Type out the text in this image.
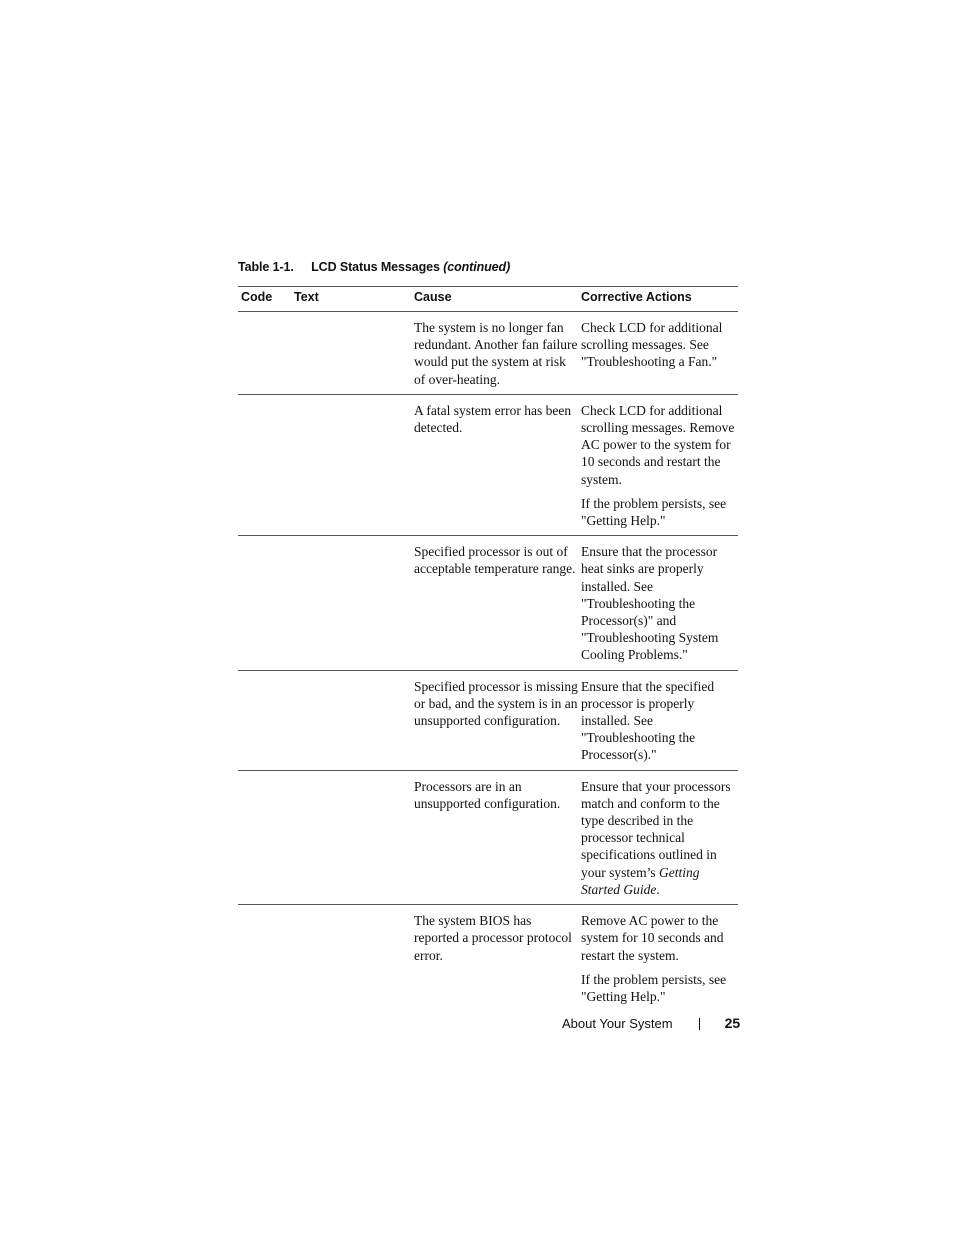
Table 1-1. LCD Status Messages (continued)
Code	Text	Cause	Corrective Actions
		The system is no longer fan redundant. Another fan failure would put the system at risk of over-heating.	Check LCD for additional scrolling messages. See "Troubleshooting a Fan."

		A fatal system error has been detected.	Check LCD for additional scrolling messages. Remove AC power to the system for 10 seconds and restart the system.
If the problem persists, see "Getting Help."

		Specified processor is out of acceptable temperature range.	Ensure that the processor heat sinks are properly installed. See "Troubleshooting the Processor(s)" and "Troubleshooting System Cooling Problems."

		Specified processor is missing or bad, and the system is in an unsupported configuration.	Ensure that the specified processor is properly installed. See "Troubleshooting the Processor(s)."

		Processors are in an unsupported configuration.	Ensure that your processors match and conform to the type described in the processor technical specifications outlined in your system’s Getting Started Guide.
		The system BIOS has reported a processor protocol error.	Remove AC power to the system for 10 seconds and restart the system.
If the problem persists, see "Getting Help."
About Your System	25
